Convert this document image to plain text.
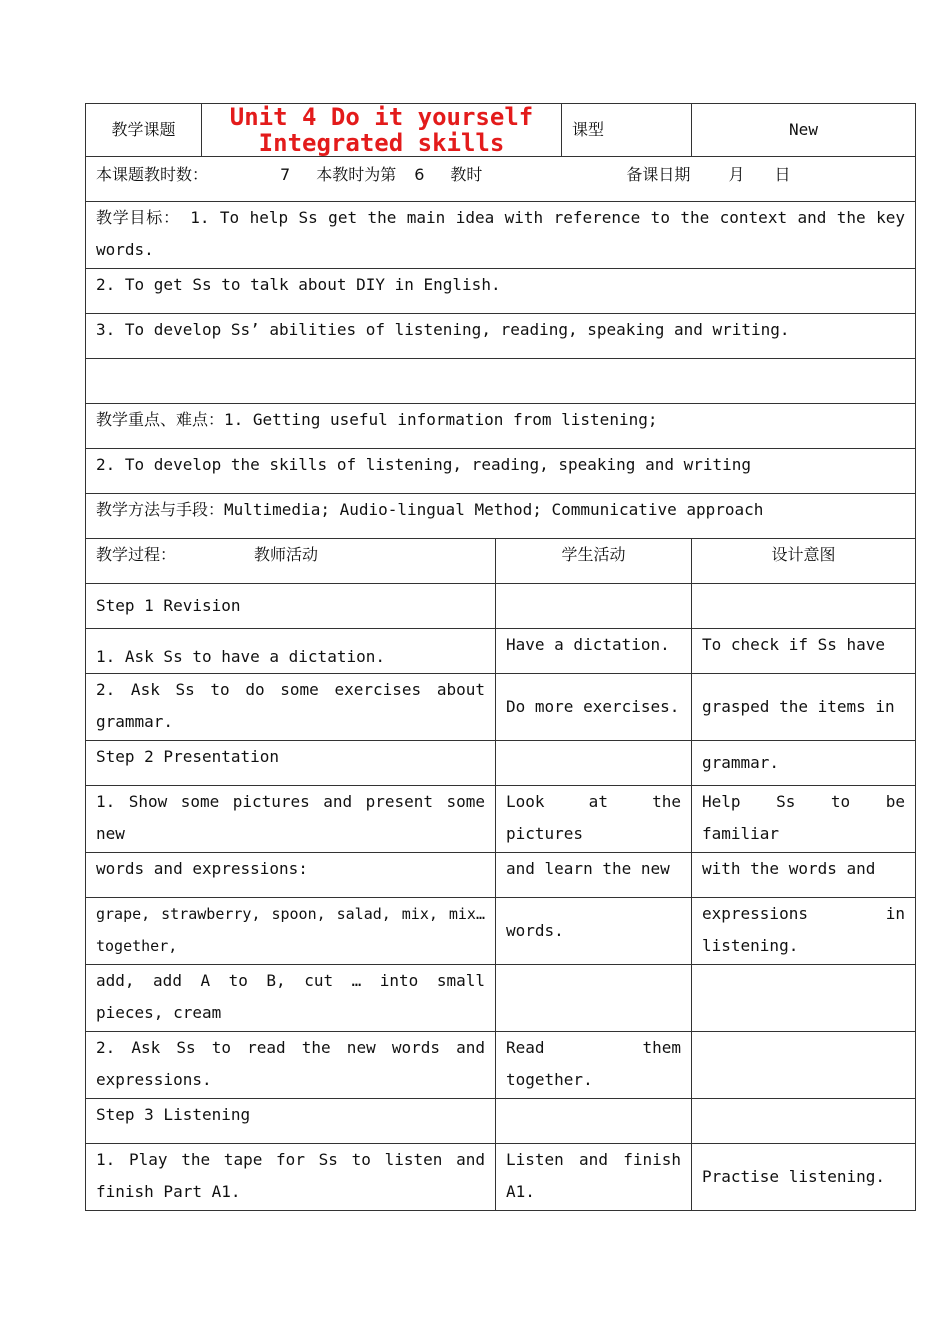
教学课题	Unit 4 Do it yourself Integrated skills		课型	New
本课题教时数： 7 本教时为第 6 教时 备课日期 月 日				
教学目标： 1. To help Ss get the main idea with reference to the context and the key words.				
2. To get Ss to talk about DIY in English.				
3. To develop Ss’ abilities of listening, reading, speaking and writing.				

教学重点、难点：1. Getting useful information from listening;				
2. To develop the skills of listening, reading, speaking and writing				
教学方法与手段：Multimedia; Audio-lingual Method; Communicative approach				
教学过程： 教师活动		学生活动		设计意图
Step 1 Revision				
1. Ask Ss to have a dictation.		Have a dictation.		To check if Ss have
2. Ask Ss to do some exercises about grammar.		Do more exercises.		grasped the items in
Step 2 Presentation				grammar.
1. Show some pictures and present some new		Look at the pictures		Help Ss to be familiar
words and expressions:		and learn the new		with the words and
grape, strawberry, spoon, salad, mix, mix… together,		words.		expressions in listening.
add, add A to B, cut … into small pieces, cream				
2. Ask Ss to read the new words and expressions.		Read them together.		
Step 3 Listening				
1. Play the tape for Ss to listen and finish Part A1.		Listen and finish A1.		Practise listening.
